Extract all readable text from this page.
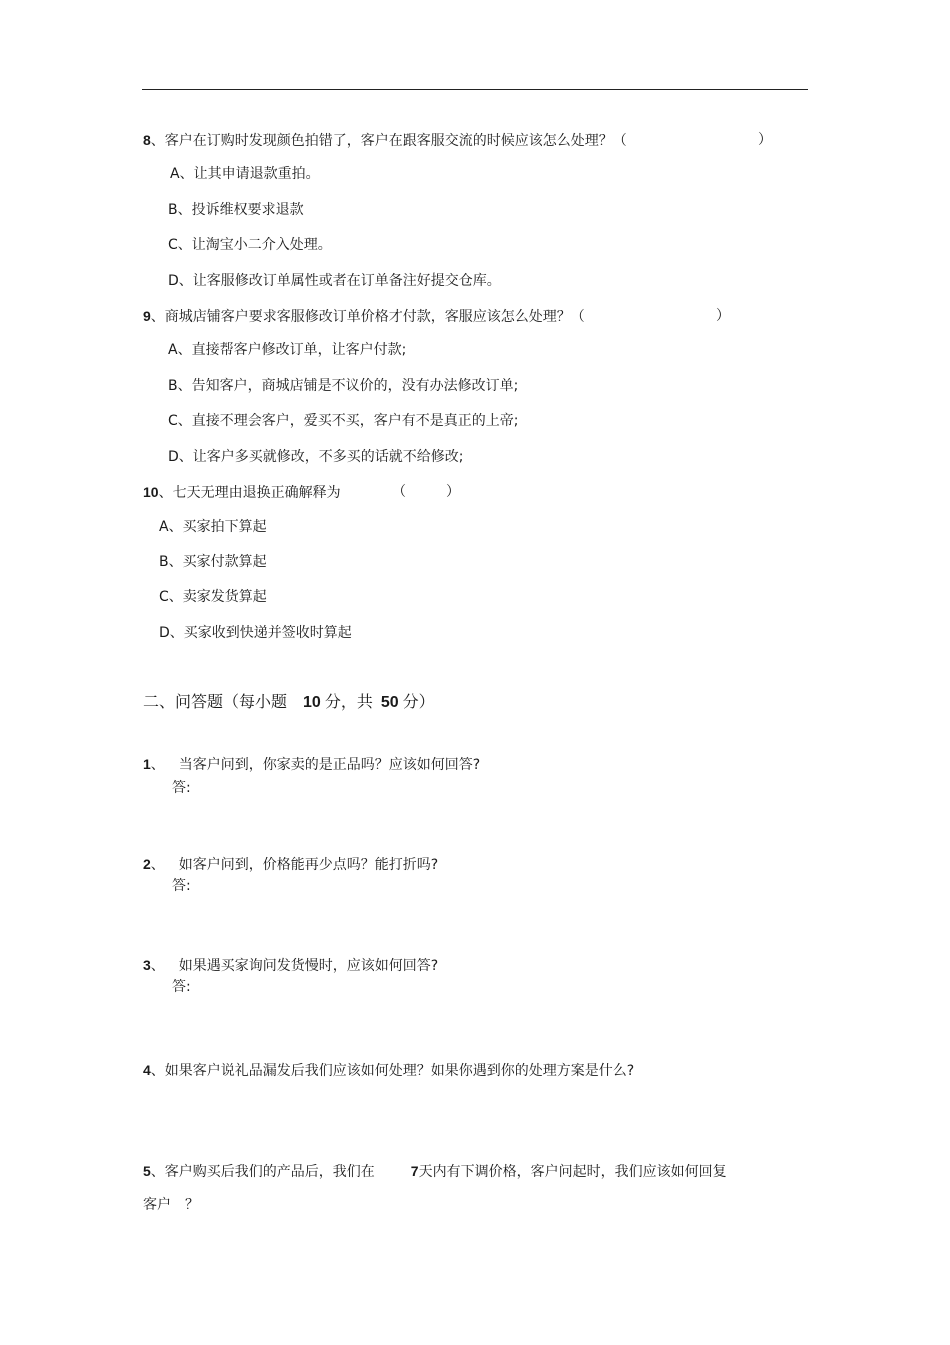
8、客户在订购时发现颜色拍错了，客户在跟客服交流的时候应该怎么处理？（	）
A、让其申请退款重拍。
B、投诉维权要求退款
C、让淘宝小二介入处理。
D、让客服修改订单属性或者在订单备注好提交仓库。
9、商城店铺客户要求客服修改订单价格才付款，客服应该怎么处理？（	）
A、直接帮客户修改订单，让客户付款;
B、告知客户，商城店铺是不议价的，没有办法修改订单;
C、直接不理会客户，爱买不买，客户有不是真正的上帝;
D、让客户多买就修改，不多买的话就不给修改;
10、七天无理由退换正确解释为	（	）
A、买家拍下算起
B、买家付款算起
C、卖家发货算起
D、买家收到快递并签收时算起
二、问答题（每小题 10 分，共 50 分）
1、 当客户问到，你家卖的是正品吗？应该如何回答?
答:
2、 如客户问到，价格能再少点吗？能打折吗?
答:
3、 如果遇买家询问发货慢时，应该如何回答?
答:
4、如果客户说礼品漏发后我们应该如何处理？如果你遇到你的处理方案是什么?
5、客户购买后我们的产品后，我们在	7天内有下调价格，客户问起时，我们应该如何回复
客户　？
